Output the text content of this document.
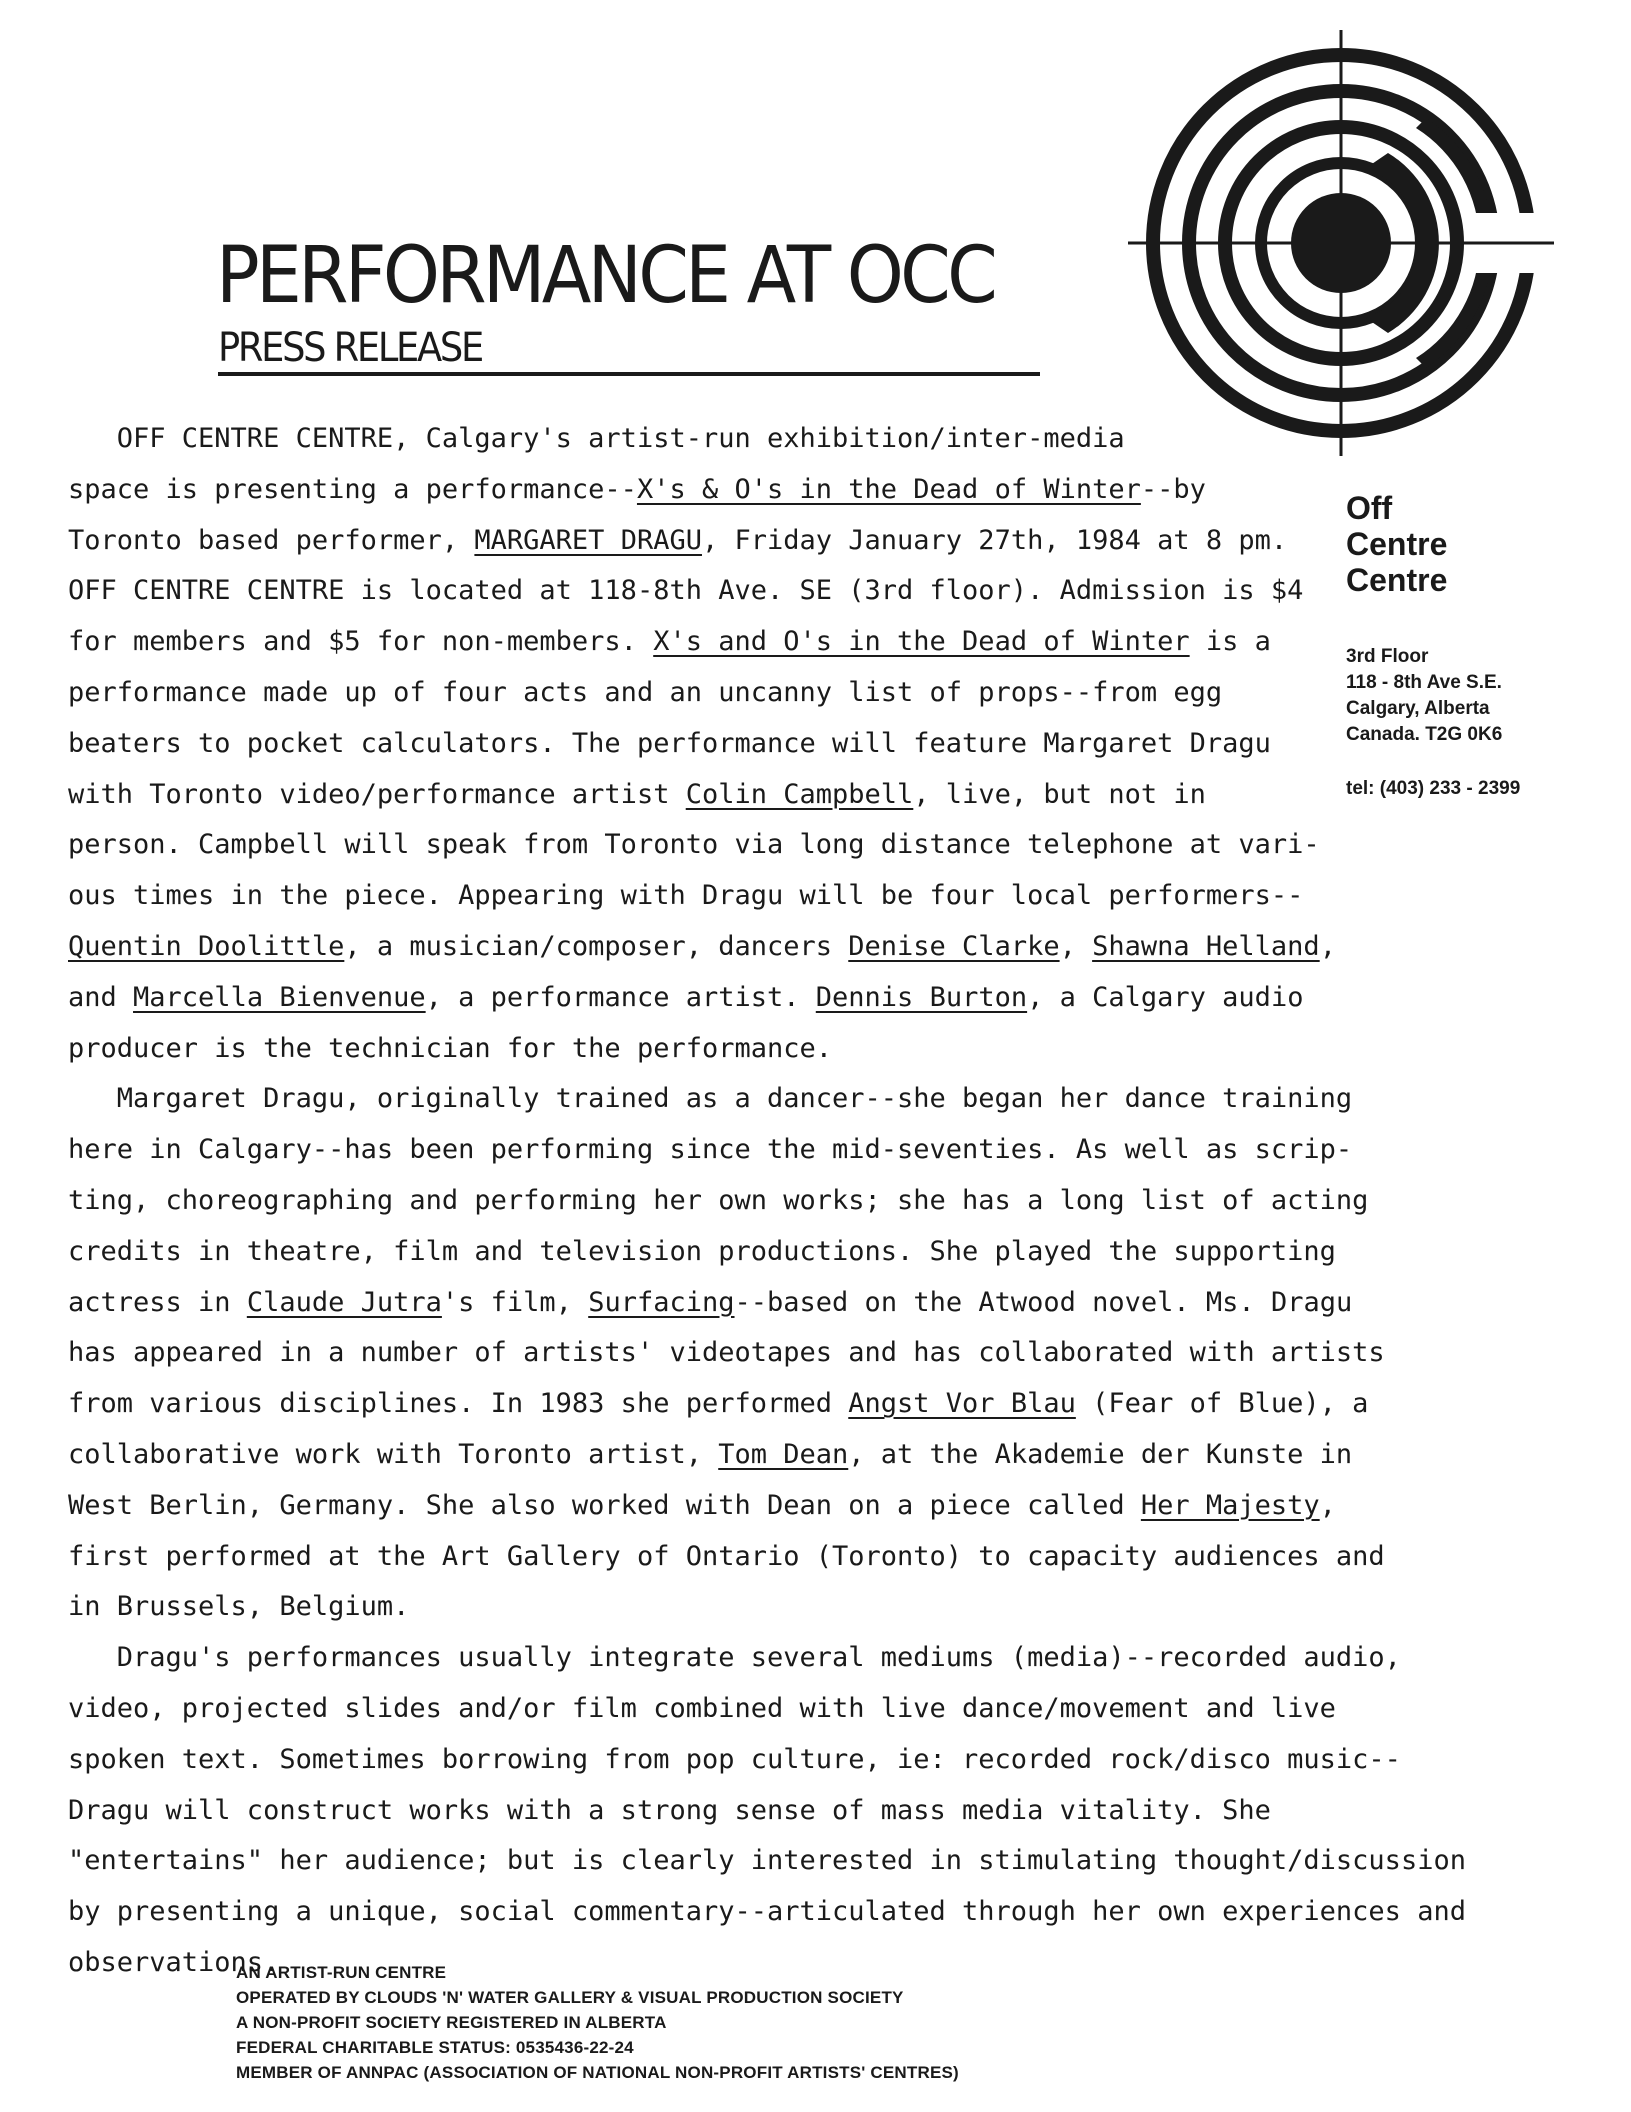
PERFORMANCE AT OCC
PRESS RELEASE
Off
Centre
Centre
3rd Floor
118 - 8th Ave S.E.
Calgary, Alberta
Canada. T2G 0K6
tel: (403) 233 - 2399
OFF CENTRE CENTRE, Calgary's artist-run exhibition/inter-media
space is presenting a performance--X's & O's in the Dead of Winter--by
Toronto based performer, MARGARET DRAGU, Friday January 27th, 1984 at 8 pm.
OFF CENTRE CENTRE is located at 118-8th Ave. SE (3rd floor). Admission is $4
for members and $5 for non-members. X's and O's in the Dead of Winter is a
performance made up of four acts and an uncanny list of props--from egg
beaters to pocket calculators. The performance will feature Margaret Dragu
with Toronto video/performance artist Colin Campbell, live, but not in
person. Campbell will speak from Toronto via long distance telephone at vari-
ous times in the piece. Appearing with Dragu will be four local performers--
Quentin Doolittle, a musician/composer, dancers Denise Clarke, Shawna Helland,
and Marcella Bienvenue, a performance artist. Dennis Burton, a Calgary audio
producer is the technician for the performance.
Margaret Dragu, originally trained as a dancer--she began her dance training
here in Calgary--has been performing since the mid-seventies. As well as scrip-
ting, choreographing and performing her own works; she has a long list of acting
credits in theatre, film and television productions. She played the supporting
actress in Claude Jutra's film, Surfacing--based on the Atwood novel. Ms. Dragu
has appeared in a number of artists' videotapes and has collaborated with artists
from various disciplines. In 1983 she performed Angst Vor Blau (Fear of Blue), a
collaborative work with Toronto artist, Tom Dean, at the Akademie der Kunste in
West Berlin, Germany. She also worked with Dean on a piece called Her Majesty,
first performed at the Art Gallery of Ontario (Toronto) to capacity audiences and
in Brussels, Belgium.
Dragu's performances usually integrate several mediums (media)--recorded audio,
video, projected slides and/or film combined with live dance/movement and live
spoken text. Sometimes borrowing from pop culture, ie: recorded rock/disco music--
Dragu will construct works with a strong sense of mass media vitality. She
"entertains" her audience; but is clearly interested in stimulating thought/discussion
by presenting a unique, social commentary--articulated through her own experiences and
observations.
AN ARTIST-RUN CENTRE
OPERATED BY CLOUDS 'N' WATER GALLERY & VISUAL PRODUCTION SOCIETY
A NON-PROFIT SOCIETY REGISTERED IN ALBERTA
FEDERAL CHARITABLE STATUS: 0535436-22-24
MEMBER OF ANNPAC (ASSOCIATION OF NATIONAL NON-PROFIT ARTISTS' CENTRES)
